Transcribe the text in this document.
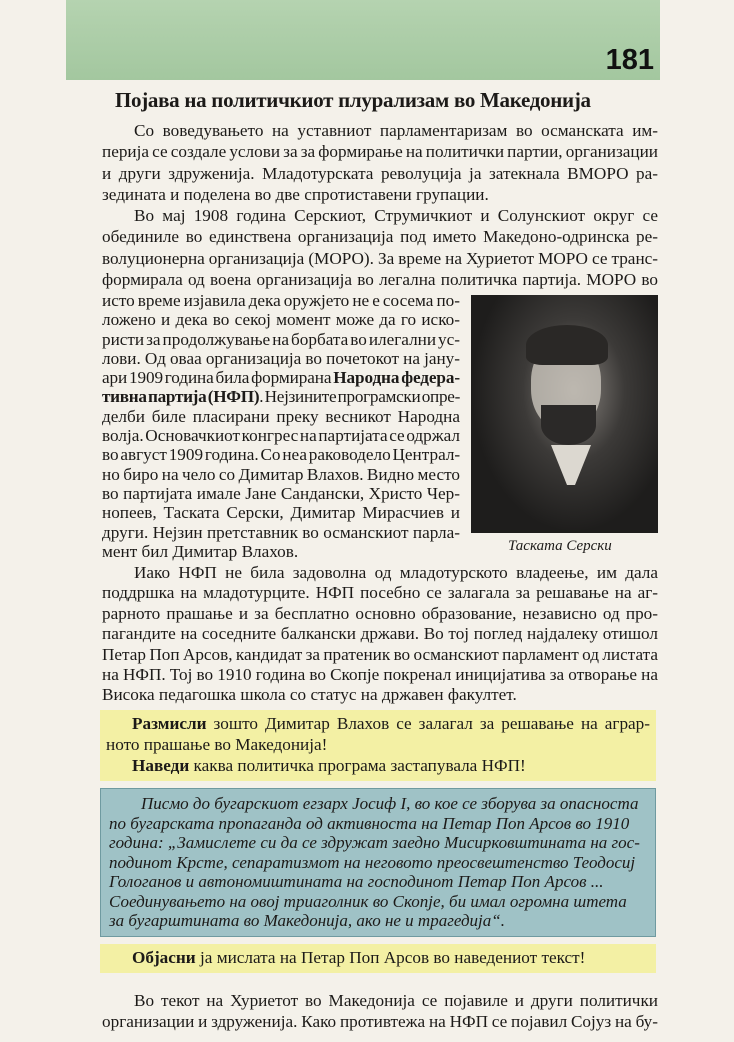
181
Појава на политичкиот плурализам во Македонија
Со воведувањето на уставниот парламентаризам во османската им-
перија се создале услови за за формирање на политички партии, организации
и други здруженија. Младотурската револуција ја затекнала ВМОРО ра-
зедината и поделена во две спротиставени групации.
Во мај 1908 година Серскиот, Струмичкиот и Солунскиот округ се
обединиле во единствена организација под името Македоно-одринска ре-
волуционерна организација (МОРО). За време на Хуриетот МОРО се транс-
формирала од воена организација во легална политичка партија. МОРО во
исто време изјавила дека оружјето не е сосема по-
ложено и дека во секој момент може да го иско-
ристи за продолжување на борбата во илегални ус-
лови. Од оваа организација во почетокот на јану-
ари 1909 година била формирана Народна федера-
тивна партија (НФП). Нејзините програмски опре-
делби биле пласирани преку весникот Народна
волја. Основачкиот конгрес на партијата се одржал
во август 1909 година. Со неа раководело Централ-
но биро на чело со Димитар Влахов. Видно место
во партијата имале Јане Сандански, Христо Чер-
нопеев, Таската Серски, Димитар Мирасчиев и
други. Нејзин претставник во османскиот парла-
мент бил Димитар Влахов.	Таската Серски
Иако НФП не била задоволна од младотурското владеење, им дала
поддршка на младотурците. НФП посебно се залагала за решавање на аг-
рарното прашање и за бесплатно основно образование, независно од про-
пагандите на соседните балкански држави. Во тој поглед најдалеку отишол
Петар Поп Арсов, кандидат за пратеник во османскиот парламент од листата
на НФП. Тој во 1910 година во Скопје покренал иницијатива за отворање на
Висока педагошка школа со статус на државен факултет.
Размисли зошто Димитар Влахов се залагал за решавање на аграр-
ното прашање во Македонија!
Наведи каква политичка програма застапувала НФП!
Писмо до бугарскиот егзарх Јосиф I, во кое се зборува за опасноста
по бугарската пропаганда од активноста на Петар Поп Арсов во 1910
година: „Замислете си да се здружат заедно Мисирковштината на гос-
подинот Крсте, сепаратизмот на неговото преосвештенство Теодосиј
Гологанов и автономиштината на господинот Петар Поп Арсов ...
Соединувањето на овој триаголник во Скопје, би имал огромна штета
за бугарштината во Македонија, ако не и трагедија“.
Објасни ја мислата на Петар Поп Арсов во наведениот текст!
Во текот на Хуриетот во Македонија се појавиле и други политички
организации и здруженија. Како противтежа на НФП се појавил Сојуз на бу-
